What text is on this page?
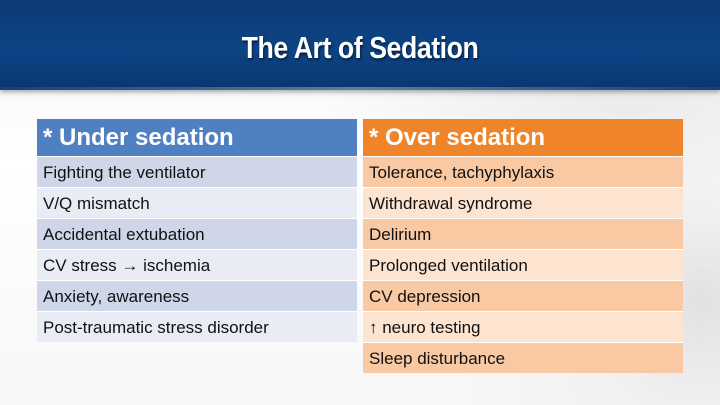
The Art of Sedation
* Under sedation
Fighting the ventilator
V/Q mismatch
Accidental extubation
CV stress → ischemia
Anxiety, awareness
Post-traumatic stress disorder
* Over sedation
Tolerance, tachyphylaxis
Withdrawal syndrome
Delirium
Prolonged ventilation
CV depression
↑ neuro testing
Sleep disturbance
